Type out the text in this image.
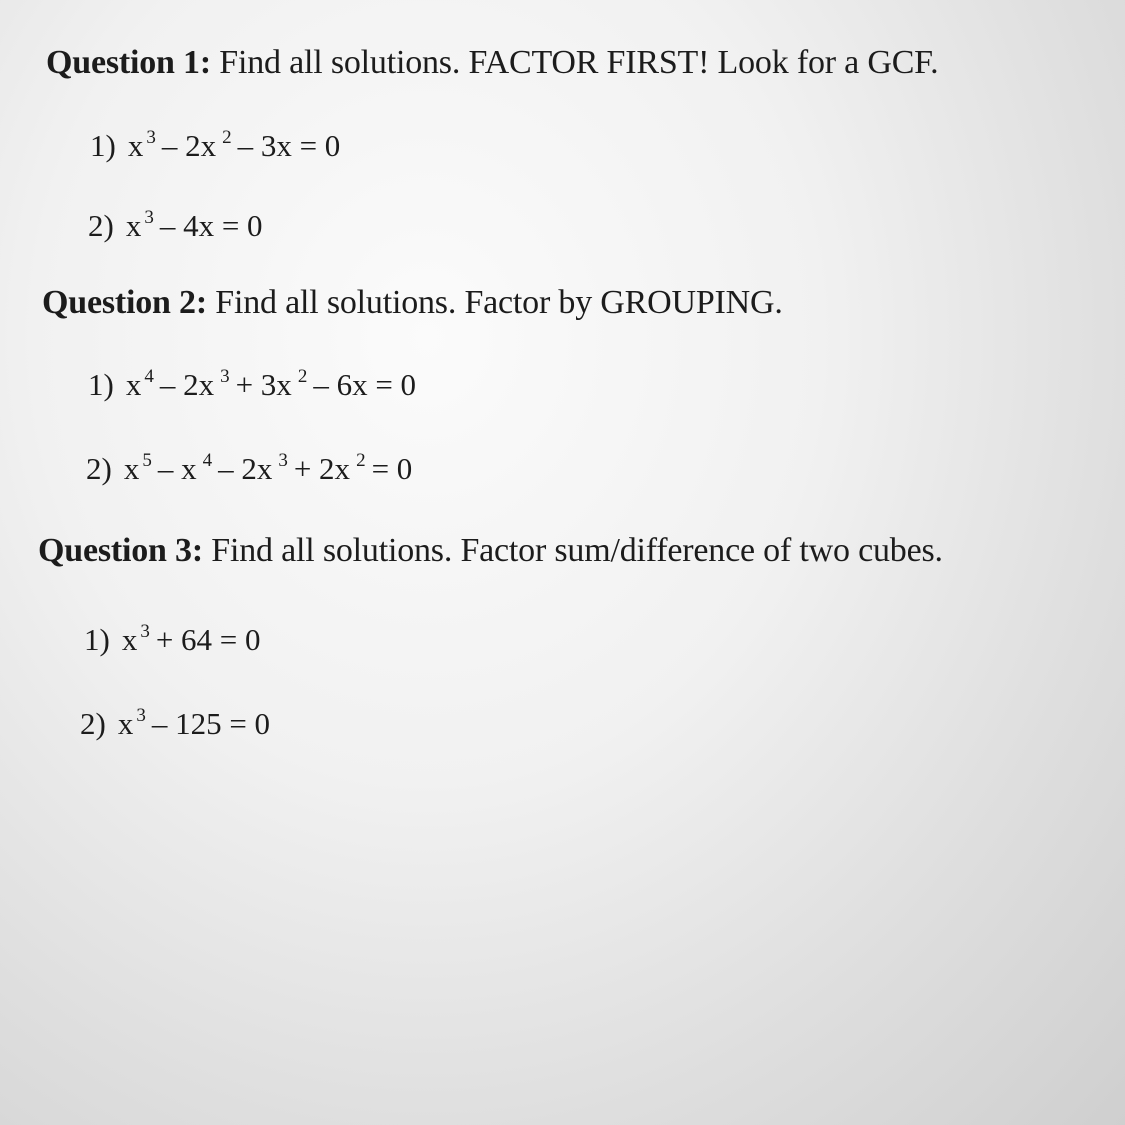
Question 1: Find all solutions. FACTOR FIRST! Look for a GCF.
1) x $^3$ – 2x $^2$ – 3x = 0
2) x $^3$ – 4x = 0
Question 2: Find all solutions. Factor by GROUPING.
1) x $^4$ – 2x $^3$ + 3x $^2$ – 6x = 0
2) x $^5$ – x $^4$ – 2x $^3$ + 2x $^2$ = 0
Question 3: Find all solutions. Factor sum/difference of two cubes.
1) x $^3$ + 64 = 0
2) x $^3$ – 125 = 0
